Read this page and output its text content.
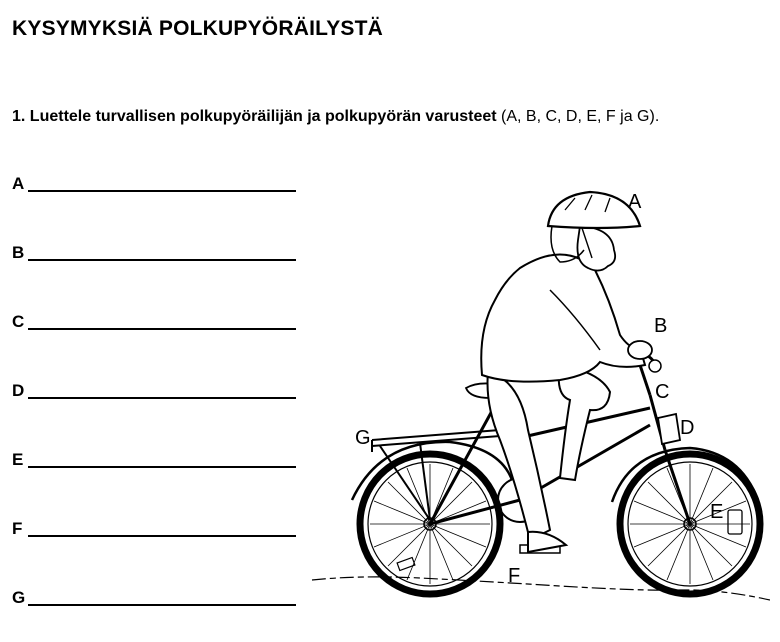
KYSYMYKSIÄ POLKUPYÖRÄILYSTÄ
1. Luettele turvallisen polkupyöräilijän ja polkupyörän varusteet (A, B, C, D, E, F ja G).
A
B
C
D
E
F
G
A
B
C
D
E
F
G
